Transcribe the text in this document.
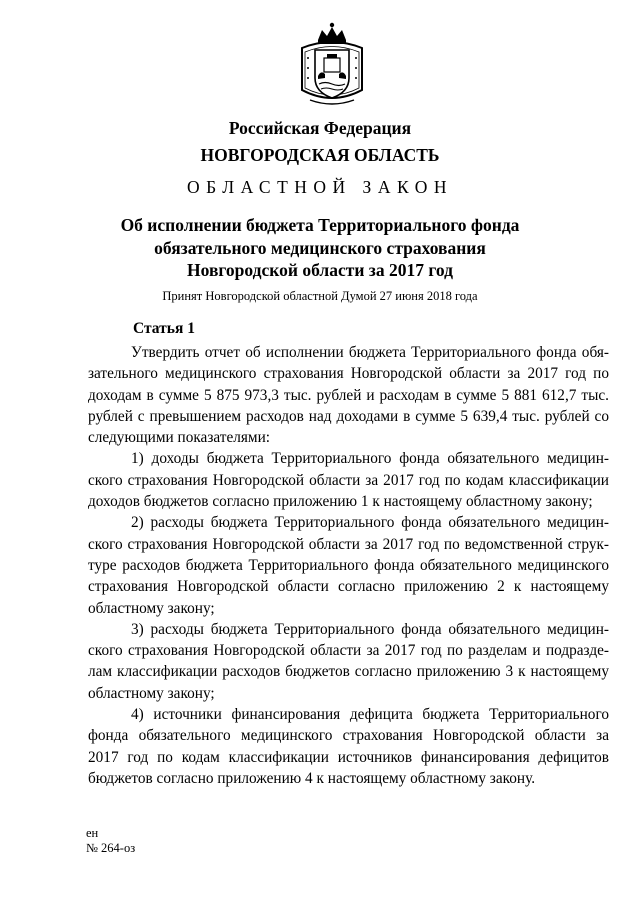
Российская Федерация
НОВГОРОДСКАЯ ОБЛАСТЬ
ОБЛАСТНОЙ ЗАКОН
Об исполнении бюджета Территориального фонда
обязательного медицинского страхования
Новгородской области за 2017 год
Принят Новгородской областной Думой 27 июня 2018 года
Статья 1
Утвердить отчет об исполнении бюджета Территориального фонда обя-
зательного медицинского страхования Новгородской области за 2017 год по
доходам в сумме 5 875 973,3 тыс. рублей и расходам в сумме 5 881 612,7 тыс.
рублей с превышением расходов над доходами в сумме 5 639,4 тыс. рублей со
следующими показателями:
1) доходы бюджета Территориального фонда обязательного медицин-
ского страхования Новгородской области за 2017 год по кодам классификации
доходов бюджетов согласно приложению 1 к настоящему областному закону;
2) расходы бюджета Территориального фонда обязательного медицин-
ского страхования Новгородской области за 2017 год по ведомственной струк-
туре расходов бюджета Территориального фонда обязательного медицинского
страхования Новгородской области согласно приложению 2 к настоящему
областному закону;
3) расходы бюджета Территориального фонда обязательного медицин-
ского страхования Новгородской области за 2017 год по разделам и подразде-
лам классификации расходов бюджетов согласно приложению 3 к настоящему
областному закону;
4) источники финансирования дефицита бюджета Территориального
фонда обязательного медицинского страхования Новгородской области за
2017 год по кодам классификации источников финансирования дефицитов
бюджетов согласно приложению 4 к настоящему областному закону.
ен
№ 264-оз
